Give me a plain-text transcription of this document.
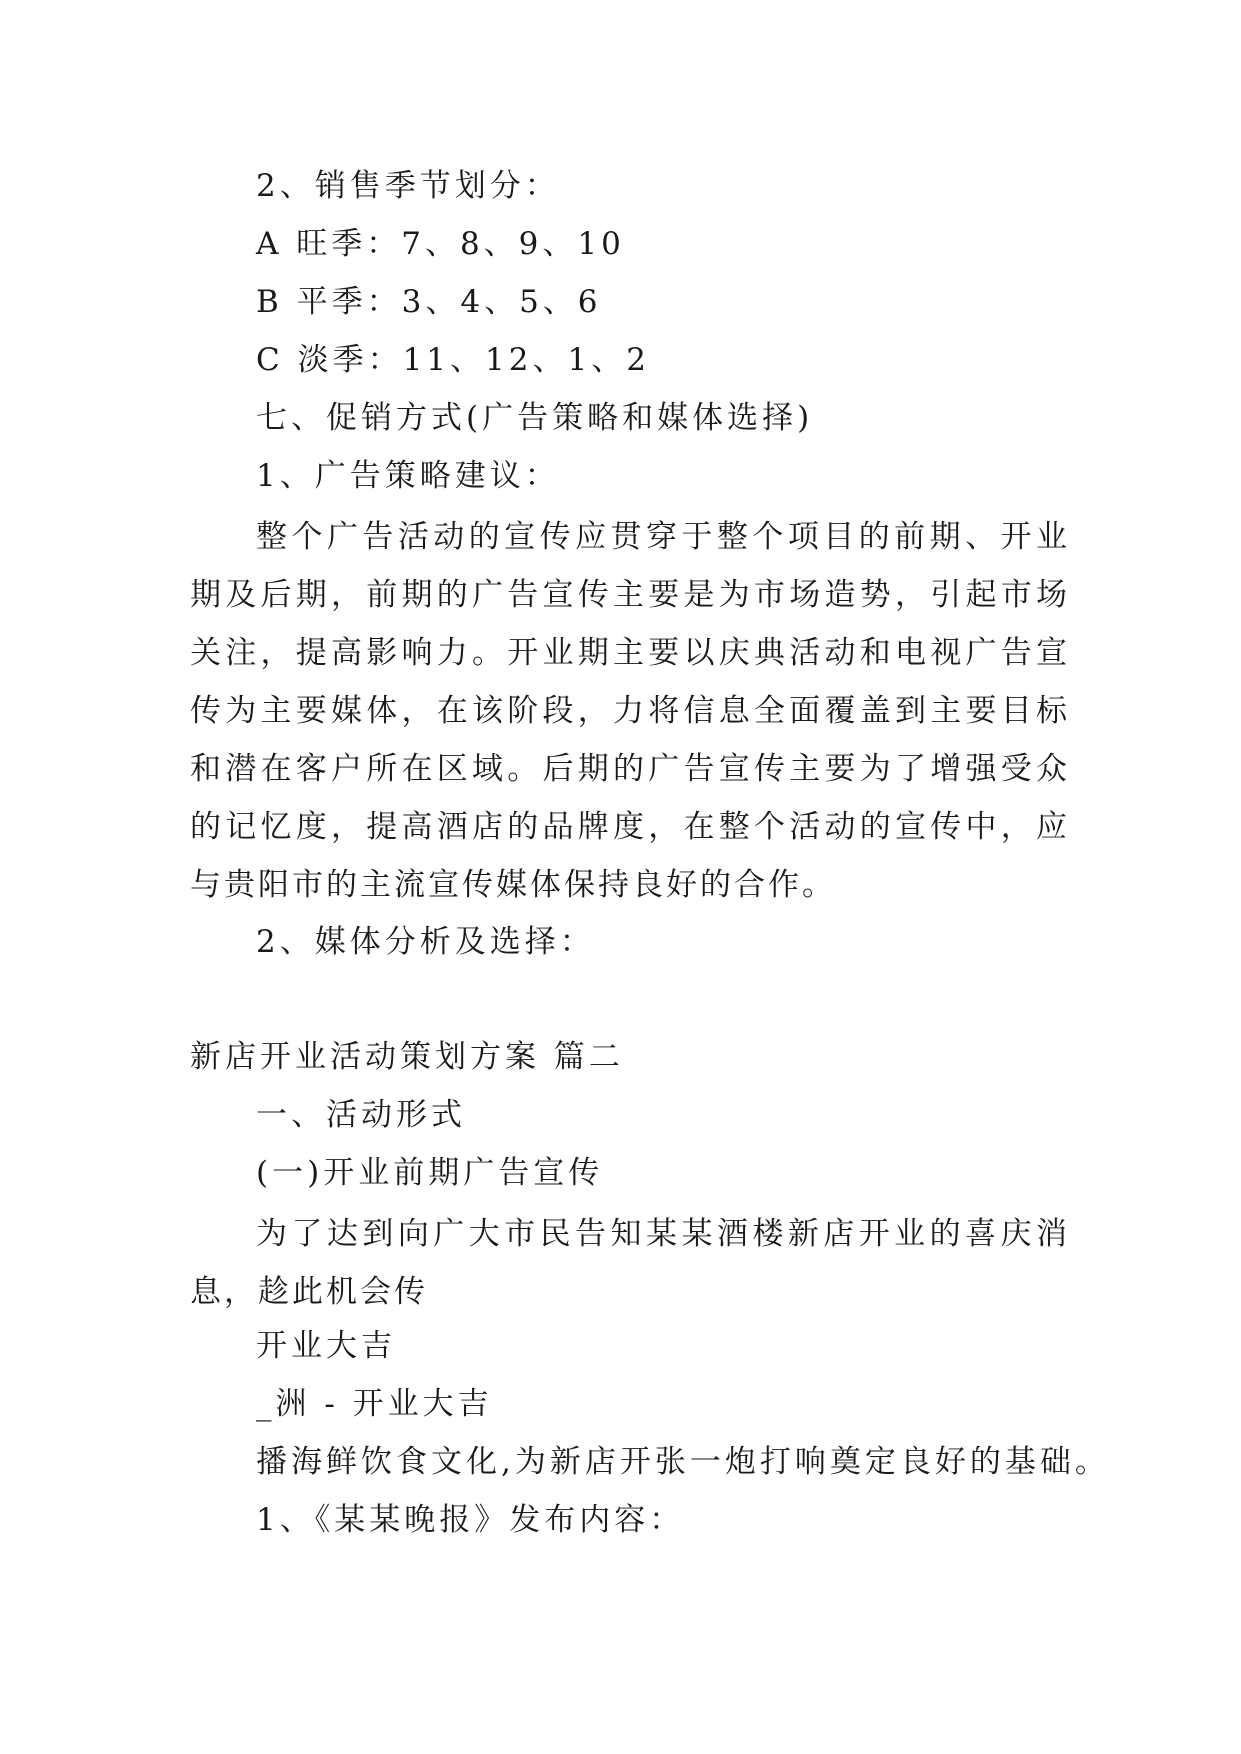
2、销售季节划分：
A 旺季：7、8、9、10
B 平季：3、4、5、6
C 淡季：11、12、1、2
七、促销方式(广告策略和媒体选择)
1、广告策略建议：
整个广告活动的宣传应贯穿于整个项目的前期、开业期及后期，前期的广告宣传主要是为市场造势，引起市场关注，提高影响力。开业期主要以庆典活动和电视广告宣传为主要媒体，在该阶段，力将信息全面覆盖到主要目标和潜在客户所在区域。后期的广告宣传主要为了增强受众的记忆度，提高酒店的品牌度，在整个活动的宣传中，应与贵阳市的主流宣传媒体保持良好的合作。
2、媒体分析及选择：
新店开业活动策划方案 篇二
一、活动形式
(一)开业前期广告宣传
为了达到向广大市民告知某某酒楼新店开业的喜庆消息，趁此机会传
开业大吉
_洲 - 开业大吉
播海鲜饮食文化,为新店开张一炮打响奠定良好的基础。
1、《某某晚报》发布内容：
